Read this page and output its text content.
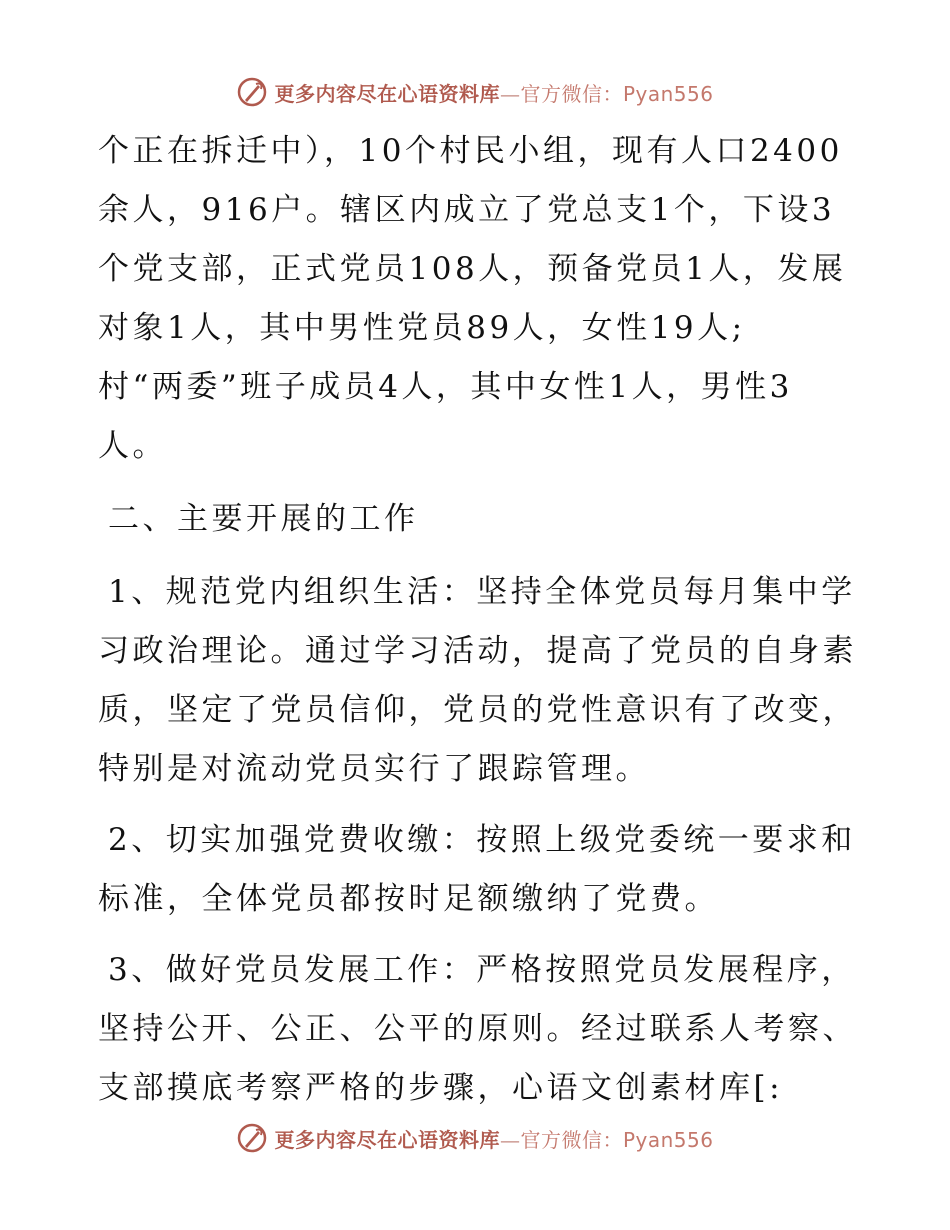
更多内容尽在心语资料库—官方微信：Pyan556
个正在拆迁中），10个村民小组，现有人口2400
余人，916户。辖区内成立了党总支1个，下设3
个党支部，正式党员108人，预备党员1人，发展
对象1人，其中男性党员89人，女性19人;
村“两委”班子成员4人，其中女性1人，男性3
人。
二、主要开展的工作
1、规范党内组织生活：坚持全体党员每月集中学
习政治理论。通过学习活动，提高了党员的自身素
质，坚定了党员信仰，党员的党性意识有了改变，
特别是对流动党员实行了跟踪管理。
2、切实加强党费收缴：按照上级党委统一要求和
标准，全体党员都按时足额缴纳了党费。
3、做好党员发展工作：严格按照党员发展程序，
坚持公开、公正、公平的原则。经过联系人考察、
支部摸底考察严格的步骤，心语文创素材库[:
更多内容尽在心语资料库—官方微信：Pyan556
